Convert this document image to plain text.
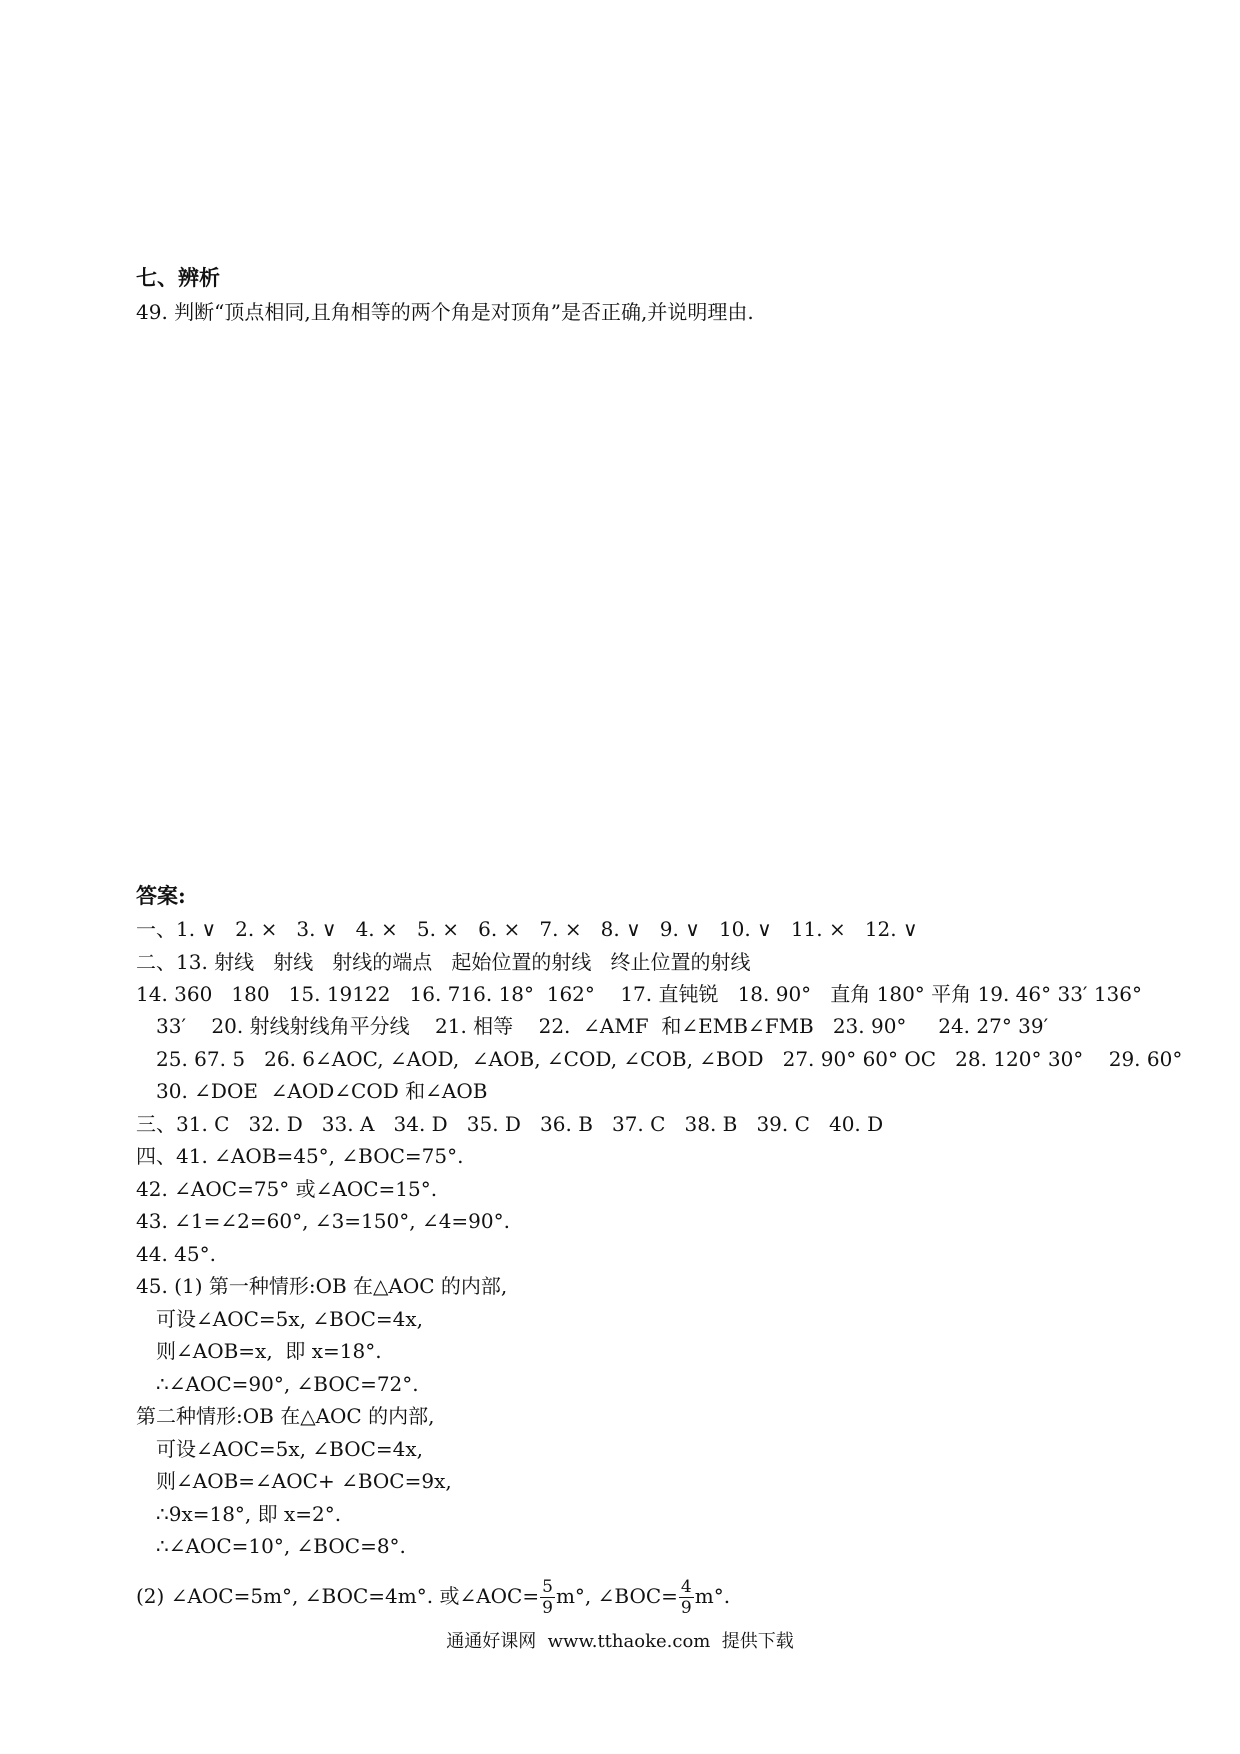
七、辨析
49. 判断“顶点相同,且角相等的两个角是对顶角”是否正确,并说明理由.
答案:
一、1. ∨   2. ×   3. ∨   4. ×   5. ×   6. ×   7. ×   8. ∨   9. ∨   10. ∨   11. ×   12. ∨
二、13. 射线   射线   射线的端点   起始位置的射线   终止位置的射线
14. 360   180   15. 19122   16. 716. 18°  162°    17. 直钝锐   18. 90°   直角 180° 平角 19. 46° 33′ 136°
33′    20. 射线射线角平分线    21. 相等    22.  ∠AMF  和∠EMB∠FMB   23. 90°     24. 27° 39′
25. 67. 5   26. 6∠AOC, ∠AOD,  ∠AOB, ∠COD, ∠COB, ∠BOD   27. 90° 60° OC   28. 120° 30°    29. 60°
30. ∠DOE  ∠AOD∠COD 和∠AOB
三、31. C   32. D   33. A   34. D   35. D   36. B   37. C   38. B   39. C   40. D
四、41. ∠AOB=45°, ∠BOC=75°.
42. ∠AOC=75° 或∠AOC=15°.
43. ∠1=∠2=60°, ∠3=150°, ∠4=90°.
44. 45°.
45. (1) 第一种情形:OB 在△AOC 的内部,
可设∠AOC=5x, ∠BOC=4x,
则∠AOB=x,  即 x=18°.
∴∠AOC=90°, ∠BOC=72°.
第二种情形:OB 在△AOC 的内部,
可设∠AOC=5x, ∠BOC=4x,
则∠AOB=∠AOC+ ∠BOC=9x,
∴9x=18°, 即 x=2°.
∴∠AOC=10°, ∠BOC=8°.
(2) ∠AOC=5m°, ∠BOC=4m°. 或∠AOC= $\frac{5}{9} m^\circ$, ∠BOC= $\frac{4}{9} m^\circ$.
通通好课网  www.tthaoke.com  提供下载
